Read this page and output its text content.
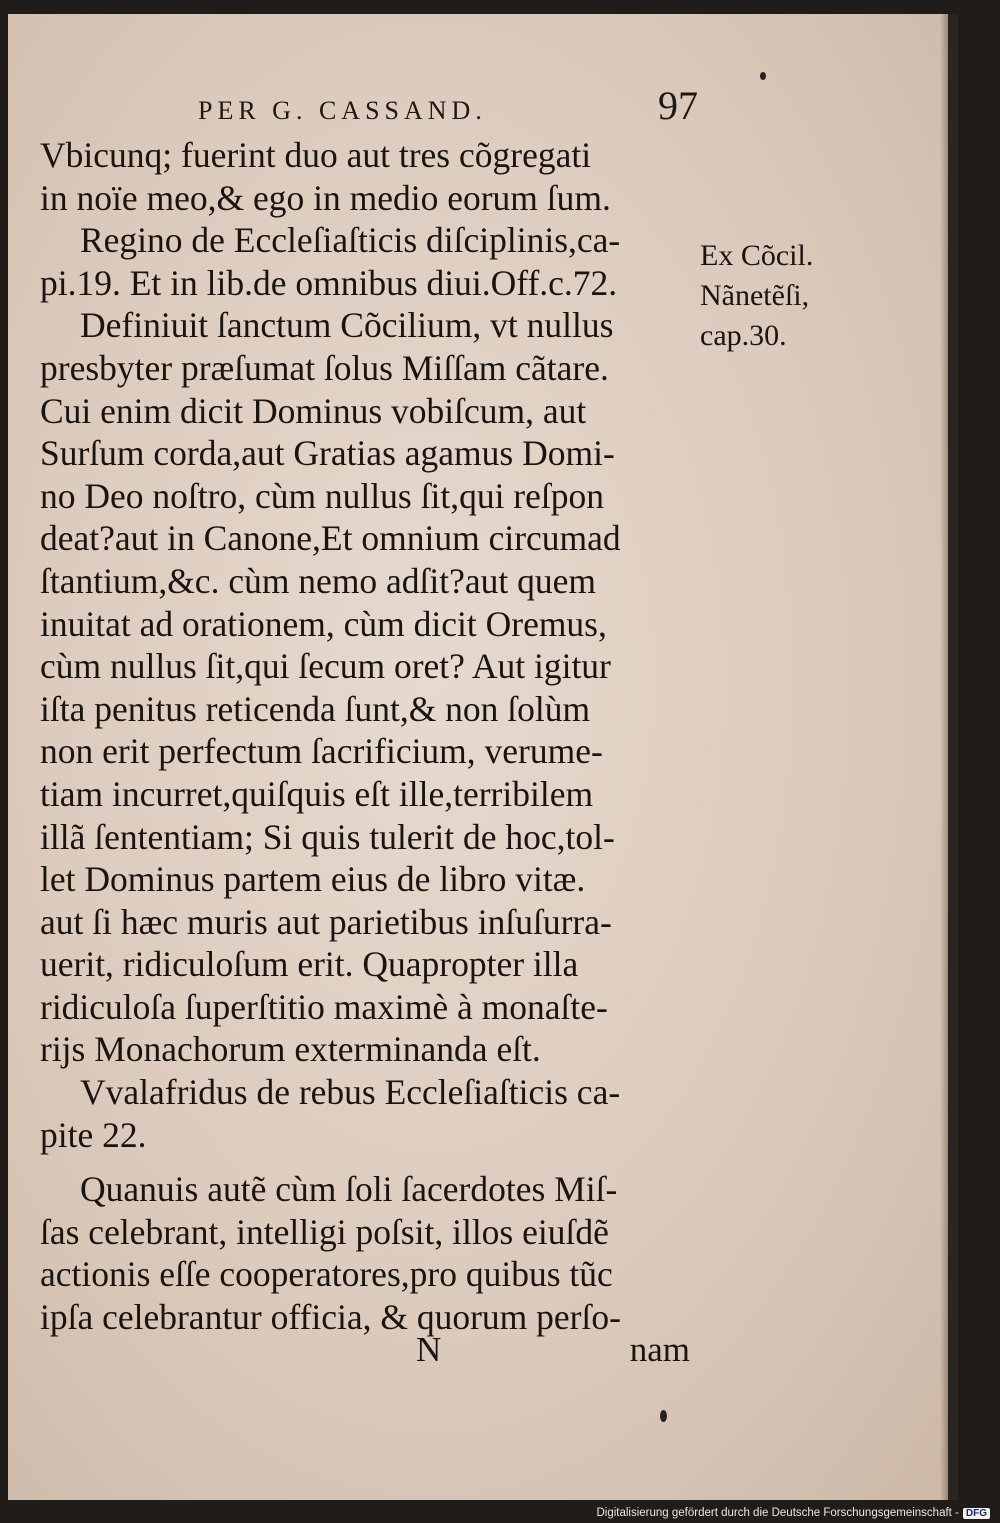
PER G. CASSAND.	97
Vbicunq; fuerint duo aut tres cõgregati
in noïe meo,& ego in medio eorum ſum.
Regino de Eccleſiaſticis diſciplinis,ca-
pi.19. Et in lib.de omnibus diui.Off.c.72.
Definiuit ſanctum Cõcilium, vt nullus
presbyter præſumat ſolus Miſſam cãtare.
Cui enim dicit Dominus vobiſcum, aut
Surſum corda,aut Gratias agamus Domi-
no Deo noſtro, cùm nullus ſit,qui reſpon
deat?aut in Canone,Et omnium circumad
ſtantium,&c. cùm nemo adſit?aut quem
inuitat ad orationem, cùm dicit Oremus,
cùm nullus ſit,qui ſecum oret? Aut igitur
iſta penitus reticenda ſunt,& non ſolùm
non erit perfectum ſacrificium, verume-
tiam incurret,quiſquis eſt ille,terribilem
illã ſententiam; Si quis tulerit de hoc,tol-
let Dominus partem eius de libro vitæ.
aut ſi hæc muris aut parietibus inſuſurra-
uerit, ridiculoſum erit. Quapropter illa
ridiculoſa ſuperſtitio maximè à monaſte-
rijs Monachorum exterminanda eſt.
Vvalafridus de rebus Eccleſiaſticis ca-
pite 22.
Quanuis autẽ cùm ſoli ſacerdotes Miſ-
ſas celebrant, intelligi poſsit, illos eiuſdẽ
actionis eſſe cooperatores,pro quibus tũc
ipſa celebrantur officia, & quorum perſo-
Ex Cõcil.
Nãnetẽſi,
cap.30.
N	nam
Digitalisierung gefördert durch die Deutsche Forschungsgemeinschaft - DFG
